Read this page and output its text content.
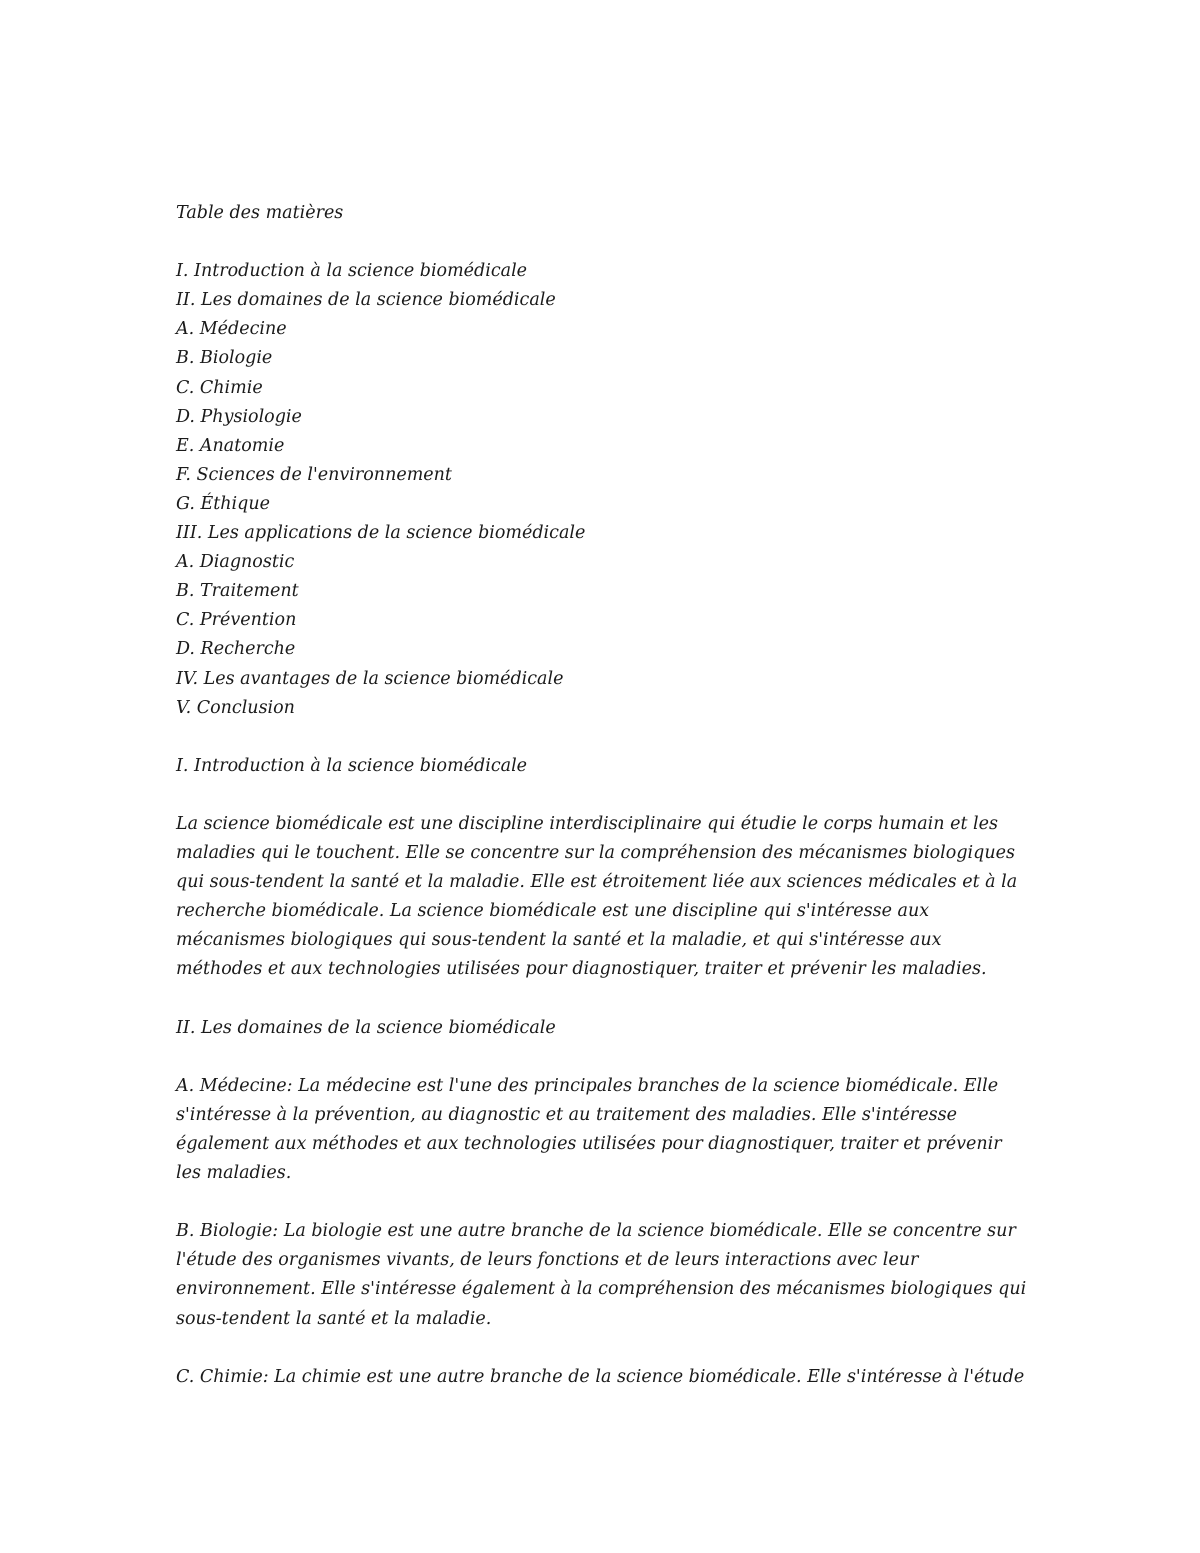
Table des matières

I. Introduction à la science biomédicale

II. Les domaines de la science biomédicale

A. Médecine

B. Biologie

C. Chimie

D. Physiologie

E. Anatomie

F. Sciences de l'environnement

G. Éthique

III. Les applications de la science biomédicale

A. Diagnostic

B. Traitement

C. Prévention

D. Recherche

IV. Les avantages de la science biomédicale

V. Conclusion

I. Introduction à la science biomédicale

La science biomédicale est une discipline interdisciplinaire qui étudie le corps humain et les
maladies qui le touchent. Elle se concentre sur la compréhension des mécanismes biologiques
qui sous-tendent la santé et la maladie. Elle est étroitement liée aux sciences médicales et à la
recherche biomédicale. La science biomédicale est une discipline qui s'intéresse aux
mécanismes biologiques qui sous-tendent la santé et la maladie, et qui s'intéresse aux
méthodes et aux technologies utilisées pour diagnostiquer, traiter et prévenir les maladies.

II. Les domaines de la science biomédicale

A. Médecine: La médecine est l'une des principales branches de la science biomédicale. Elle
s'intéresse à la prévention, au diagnostic et au traitement des maladies. Elle s'intéresse
également aux méthodes et aux technologies utilisées pour diagnostiquer, traiter et prévenir
les maladies.
B. Biologie: La biologie est une autre branche de la science biomédicale. Elle se concentre sur
l'étude des organismes vivants, de leurs fonctions et de leurs interactions avec leur
environnement. Elle s'intéresse également à la compréhension des mécanismes biologiques qui
sous-tendent la santé et la maladie.
C. Chimie: La chimie est une autre branche de la science biomédicale. Elle s'intéresse à l'étude
